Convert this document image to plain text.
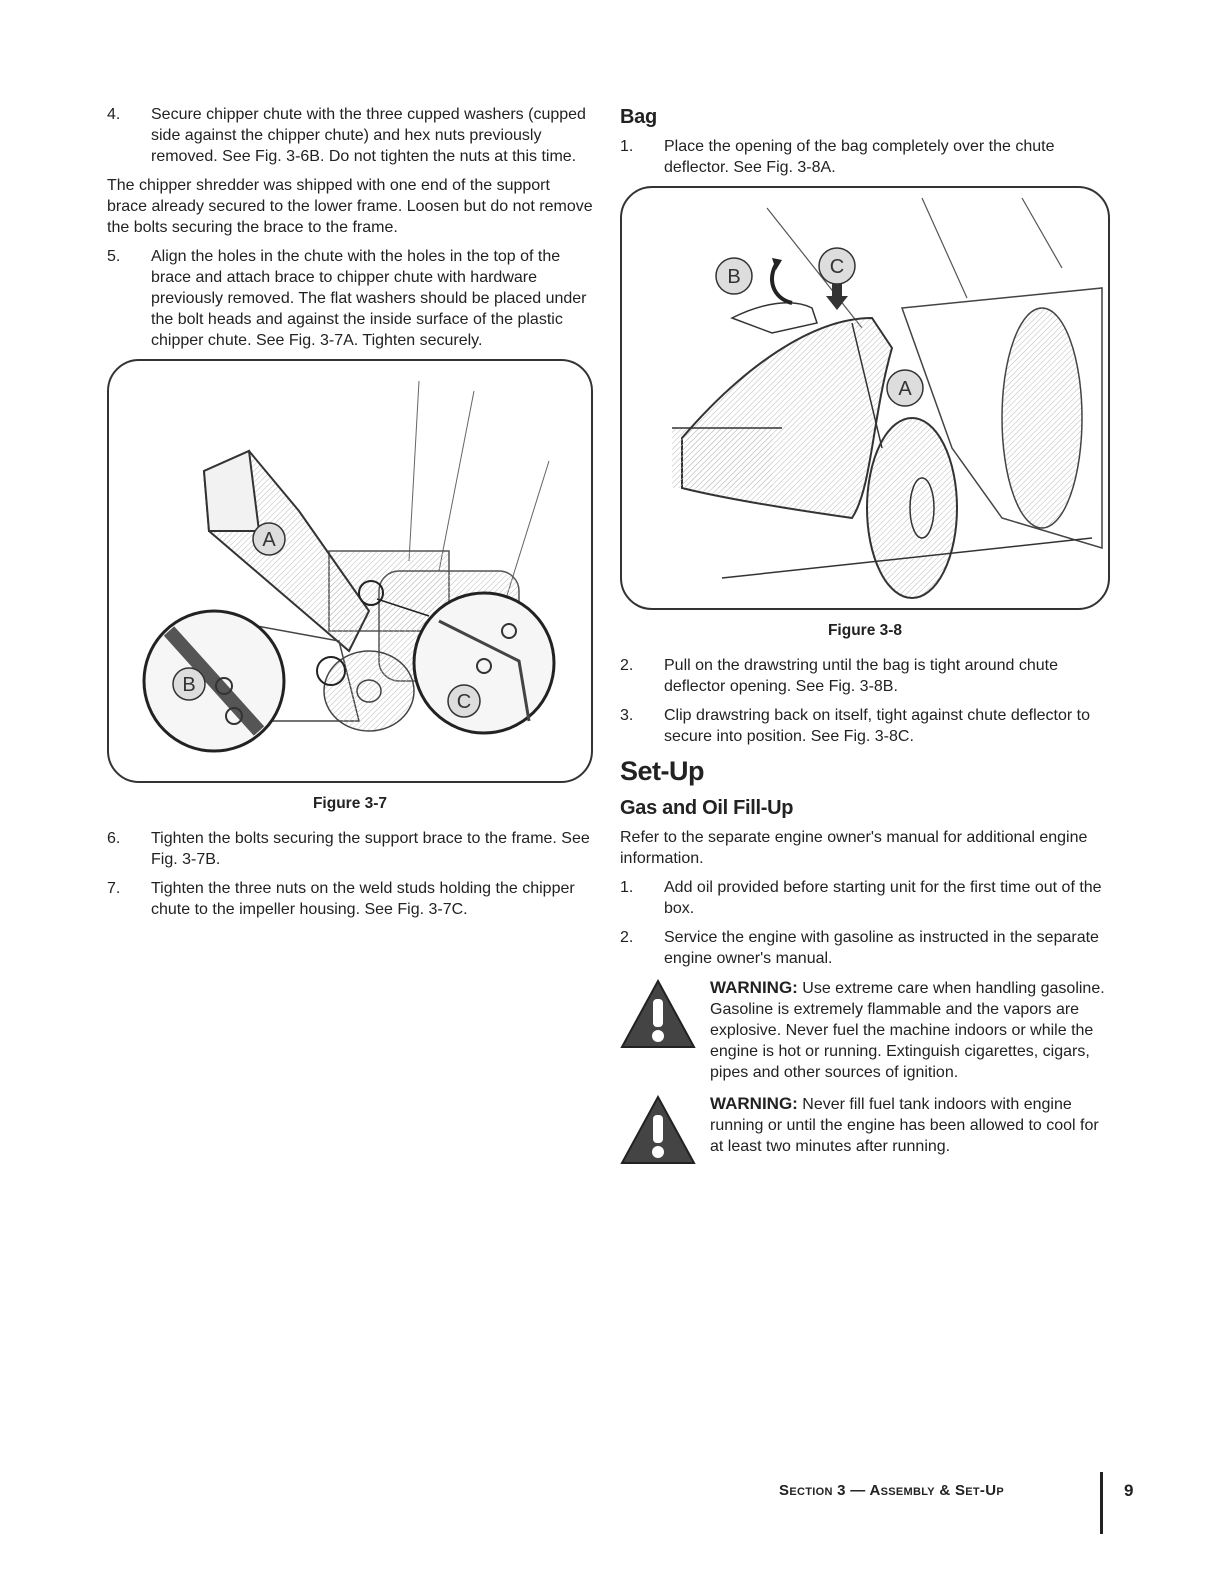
4.	Secure chipper chute with the three cupped washers (cupped side against the chipper chute) and hex nuts previously removed. See Fig. 3-6B. Do not tighten the nuts at this time.
The chipper shredder was shipped with one end of the support brace already secured to the lower frame. Loosen but do not remove the bolts securing the brace to the frame.
5.	Align the holes in the chute with the holes in the top of the brace and attach brace to chipper chute with hardware previously removed. The flat washers should be placed under the bolt heads and against the inside surface of the plastic chipper chute. See Fig. 3-7A. Tighten securely.
A
B
C
Figure 3-7
6.	Tighten the bolts securing the support brace to the frame. See Fig. 3-7B.
7.	Tighten the three nuts on the weld studs holding the chipper chute to the impeller housing. See Fig. 3-7C.
Bag
1.	Place the opening of the bag completely over the chute deflector. See Fig. 3-8A.
B	C
A
Figure 3-8
2.	Pull on the drawstring until the bag is tight around chute deflector opening. See Fig. 3-8B.
3.	Clip drawstring back on itself, tight against chute deflector to secure into position. See Fig. 3-8C.
Set-Up
Gas and Oil Fill-Up
Refer to the separate engine owner's manual for additional engine information.
1.	Add oil provided before starting unit for the first time out of the box.
2.	Service the engine with gasoline as instructed in the separate engine owner's manual.
WARNING: Use extreme care when handling gasoline. Gasoline is extremely flammable and the vapors are explosive. Never fuel the machine indoors or while the engine is hot or running. Extinguish cigarettes, cigars, pipes and other sources of ignition.
WARNING: Never fill fuel tank indoors with engine running or until the engine has been allowed to cool for at least two minutes after running.
Section 3 — Assembly & Set-Up	9
